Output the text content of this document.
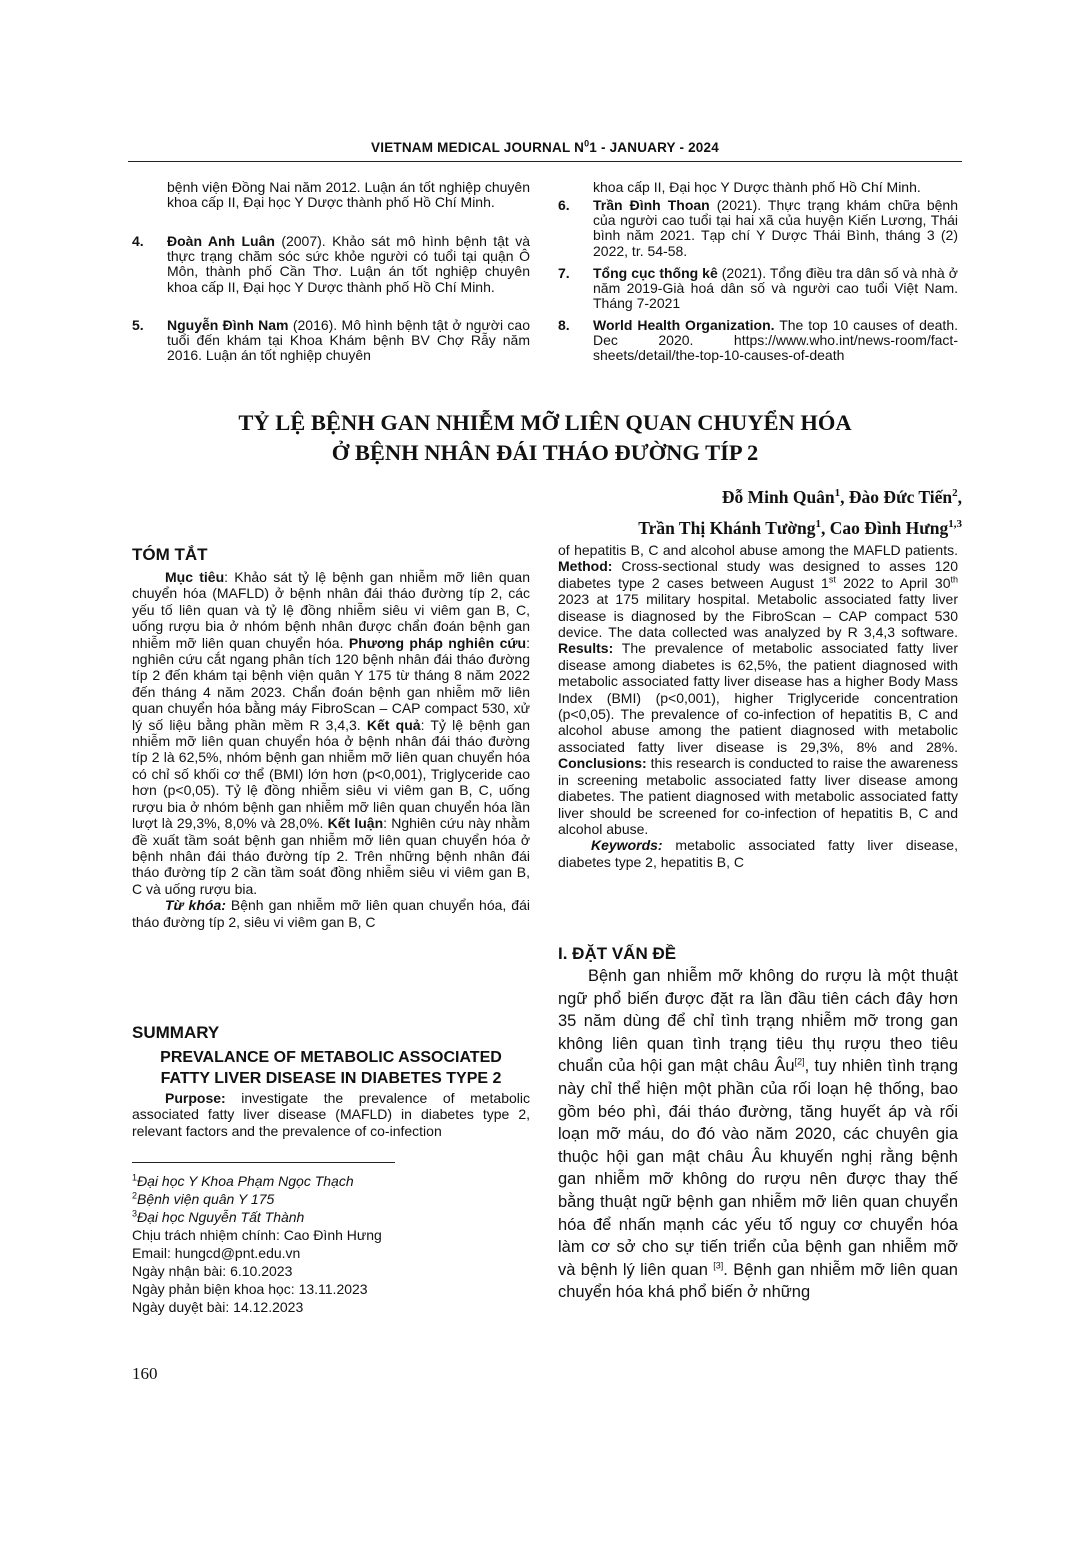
VIETNAM MEDICAL JOURNAL $N^01$ - JANUARY - 2024
bệnh viện Đồng Nai năm 2012. Luận án tốt nghiệp chuyên khoa cấp II, Đại học Y Dược thành phố Hồ Chí Minh.
4. Đoàn Anh Luân (2007). Khảo sát mô hình bệnh tật và thực trạng chăm sóc sức khỏe người có tuổi tại quận Ô Môn, thành phố Cần Thơ. Luận án tốt nghiệp chuyên khoa cấp II, Đại học Y Dược thành phố Hồ Chí Minh.
5. Nguyễn Đình Nam (2016). Mô hình bệnh tật ở người cao tuổi đến khám tại Khoa Khám bệnh BV Chợ Rẫy năm 2016. Luận án tốt nghiệp chuyên
khoa cấp II, Đại học Y Dược thành phố Hồ Chí Minh.
6. Trần Đình Thoan (2021). Thực trạng khám chữa bệnh của người cao tuổi tại hai xã của huyện Kiến Lương, Thái bình năm 2021. Tạp chí Y Dược Thái Bình, tháng 3 (2) 2022, tr. 54-58.
7. Tổng cục thống kê (2021). Tổng điều tra dân số và nhà ở năm 2019-Già hoá dân số và người cao tuổi Việt Nam. Tháng 7-2021
8. World Health Organization. The top 10 causes of death. Dec 2020. https://www.who.int/news-room/fact-sheets/detail/the-top-10-causes-of-death
TỶ LỆ BỆNH GAN NHIỄM MỠ LIÊN QUAN CHUYỂN HÓA
Ở BỆNH NHÂN ĐÁI THÁO ĐƯỜNG TÍP 2
Đỗ Minh Quân$^1$, Đào Đức Tiến$^2$,
Trần Thị Khánh Tường$^1$, Cao Đình Hưng$^{1,3}$
TÓM TẮT
Mục tiêu: Khảo sát tỷ lệ bệnh gan nhiễm mỡ liên quan chuyển hóa (MAFLD) ở bệnh nhân đái tháo đường típ 2, các yếu tố liên quan và tỷ lệ đồng nhiễm siêu vi viêm gan B, C, uống rượu bia ở nhóm bệnh nhân được chẩn đoán bệnh gan nhiễm mỡ liên quan chuyển hóa. Phương pháp nghiên cứu: nghiên cứu cắt ngang phân tích 120 bệnh nhân đái tháo đường típ 2 đến khám tại bệnh viện quân Y 175 từ tháng 8 năm 2022 đến tháng 4 năm 2023. Chẩn đoán bệnh gan nhiễm mỡ liên quan chuyển hóa bằng máy FibroScan – CAP compact 530, xử lý số liệu bằng phần mềm R 3,4,3. Kết quả: Tỷ lệ bệnh gan nhiễm mỡ liên quan chuyển hóa ở bệnh nhân đái tháo đường típ 2 là 62,5%, nhóm bệnh gan nhiễm mỡ liên quan chuyển hóa có chỉ số khối cơ thể (BMI) lớn hơn (p<0,001), Triglyceride cao hơn (p<0,05). Tỷ lệ đồng nhiễm siêu vi viêm gan B, C, uống rượu bia ở nhóm bệnh gan nhiễm mỡ liên quan chuyển hóa lần lượt là 29,3%, 8,0% và 28,0%. Kết luận: Nghiên cứu này nhằm đề xuất tầm soát bệnh gan nhiễm mỡ liên quan chuyển hóa ở bệnh nhân đái tháo đường típ 2. Trên những bệnh nhân đái tháo đường típ 2 cần tầm soát đồng nhiễm siêu vi viêm gan B, C và uống rượu bia.
Từ khóa: Bệnh gan nhiễm mỡ liên quan chuyển hóa, đái tháo đường típ 2, siêu vi viêm gan B, C
SUMMARY
PREVALANCE OF METABOLIC ASSOCIATED
FATTY LIVER DISEASE IN DIABETES TYPE 2
Purpose: investigate the prevalence of metabolic associated fatty liver disease (MAFLD) in diabetes type 2, relevant factors and the prevalence of co-infection
$^1$Đại học Y Khoa Phạm Ngọc Thạch
$^2$Bệnh viện quân Y 175
$^3$Đại học Nguyễn Tất Thành
Chịu trách nhiệm chính: Cao Đình Hưng
Email: hungcd@pnt.edu.vn
Ngày nhận bài: 6.10.2023
Ngày phản biện khoa học: 13.11.2023
Ngày duyệt bài: 14.12.2023
of hepatitis B, C and alcohol abuse among the MAFLD patients. Method: Cross-sectional study was designed to asses 120 diabetes type 2 cases between August 1st 2022 to April 30th 2023 at 175 military hospital. Metabolic associated fatty liver disease is diagnosed by the FibroScan – CAP compact 530 device. The data collected was analyzed by R 3,4,3 software. Results: The prevalence of metabolic associated fatty liver disease among diabetes is 62,5%, the patient diagnosed with metabolic associated fatty liver disease has a higher Body Mass Index (BMI) (p<0,001), higher Triglyceride concentration (p<0,05). The prevalence of co-infection of hepatitis B, C and alcohol abuse among the patient diagnosed with metabolic associated fatty liver disease is 29,3%, 8% and 28%. Conclusions: this research is conducted to raise the awareness in screening metabolic associated fatty liver disease among diabetes. The patient diagnosed with metabolic associated fatty liver should be screened for co-infection of hepatitis B, C and alcohol abuse.
Keywords: metabolic associated fatty liver disease, diabetes type 2, hepatitis B, C
I. ĐẶT VẤN ĐỀ
Bệnh gan nhiễm mỡ không do rượu là một thuật ngữ phổ biến được đặt ra lần đầu tiên cách đây hơn 35 năm dùng để chỉ tình trạng nhiễm mỡ trong gan không liên quan tình trạng tiêu thụ rượu theo tiêu chuẩn của hội gan mật châu Âu[2], tuy nhiên tình trạng này chỉ thể hiện một phần của rối loạn hệ thống, bao gồm béo phì, đái tháo đường, tăng huyết áp và rối loạn mỡ máu, do đó vào năm 2020, các chuyên gia thuộc hội gan mật châu Âu khuyến nghị rằng bệnh gan nhiễm mỡ không do rượu nên được thay thế bằng thuật ngữ bệnh gan nhiễm mỡ liên quan chuyển hóa để nhấn mạnh các yếu tố nguy cơ chuyển hóa làm cơ sở cho sự tiến triển của bệnh gan nhiễm mỡ và bệnh lý liên quan [3]. Bệnh gan nhiễm mỡ liên quan chuyển hóa khá phổ biến ở những
160
